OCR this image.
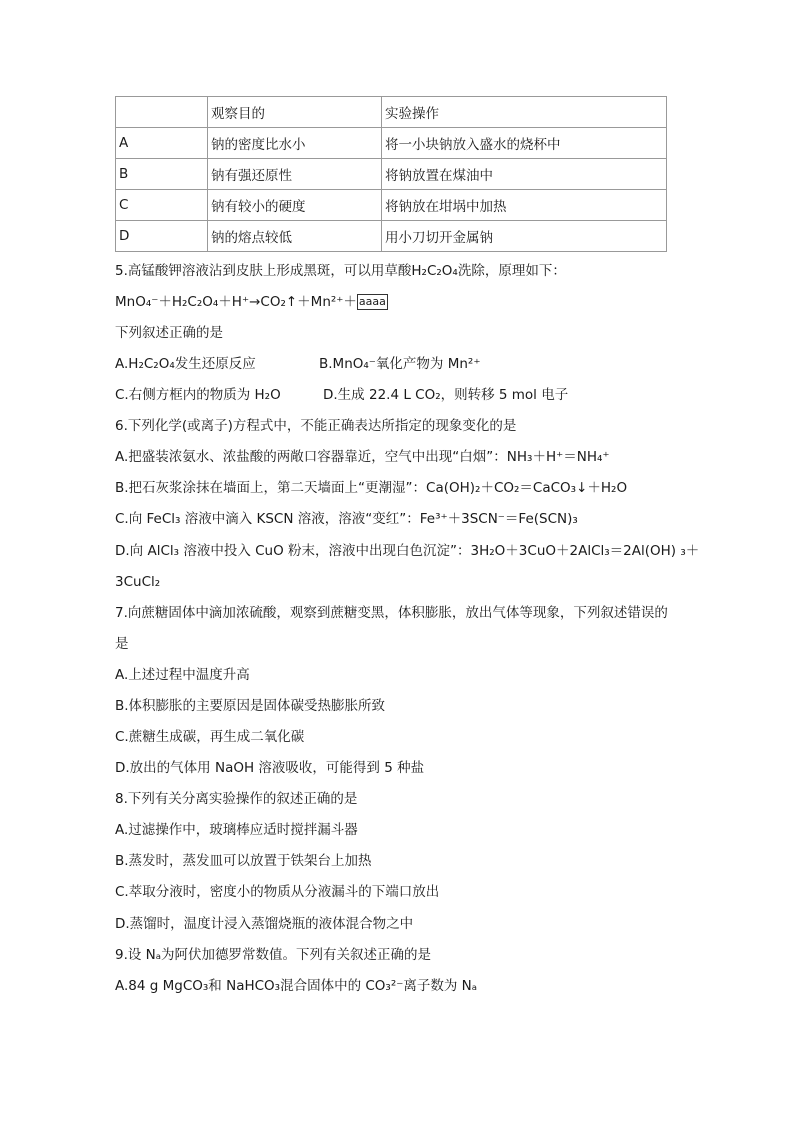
	观察目的	实验操作
A	钠的密度比水小	将一小块钠放入盛水的烧杯中
B	钠有强还原性	将钠放置在煤油中
C	钠有较小的硬度	将钠放在坩埚中加热
D	钠的熔点较低	用小刀切开金属钠
5.高锰酸钾溶液沾到皮肤上形成黑斑，可以用草酸H₂C₂O₄洗除，原理如下：
MnO₄⁻＋H₂C₂O₄＋H⁺→CO₂↑＋Mn²⁺＋ aaaa
下列叙述正确的是
A.H₂C₂O₄发生还原反应	B.MnO₄⁻氧化产物为 Mn²⁺
C.右侧方框内的物质为 H₂O	D.生成 22.4 L CO₂，则转移 5 mol 电子
6.下列化学(或离子)方程式中，不能正确表达所指定的现象变化的是
A.把盛装浓氨水、浓盐酸的两敞口容器靠近，空气中出现“白烟”：NH₃＋H⁺＝NH₄⁺
B.把石灰浆涂抹在墙面上，第二天墙面上“更潮湿”：Ca(OH)₂＋CO₂＝CaCO₃↓＋H₂O
C.向 FeCl₃ 溶液中滴入 KSCN 溶液，溶液“变红”：Fe³⁺＋3SCN⁻＝Fe(SCN)₃
D.向 AlCl₃ 溶液中投入 CuO 粉末，溶液中出现白色沉淀”：3H₂O＋3CuO＋2AlCl₃＝2Al(OH) ₃＋
3CuCl₂
7.向蔗糖固体中滴加浓硫酸，观察到蔗糖变黑，体积膨胀，放出气体等现象，下列叙述错误的
是
A.上述过程中温度升高
B.体积膨胀的主要原因是固体碳受热膨胀所致
C.蔗糖生成碳，再生成二氧化碳
D.放出的气体用 NaOH 溶液吸收，可能得到 5 种盐
8.下列有关分离实验操作的叙述正确的是
A.过滤操作中，玻璃棒应适时搅拌漏斗器
B.蒸发时，蒸发皿可以放置于铁架台上加热
C.萃取分液时，密度小的物质从分液漏斗的下端口放出
D.蒸馏时，温度计浸入蒸馏烧瓶的液体混合物之中
9.设 Nₐ为阿伏加德罗常数值。下列有关叙述正确的是
A.84 g MgCO₃和 NaHCO₃混合固体中的 CO₃²⁻离子数为 Nₐ
